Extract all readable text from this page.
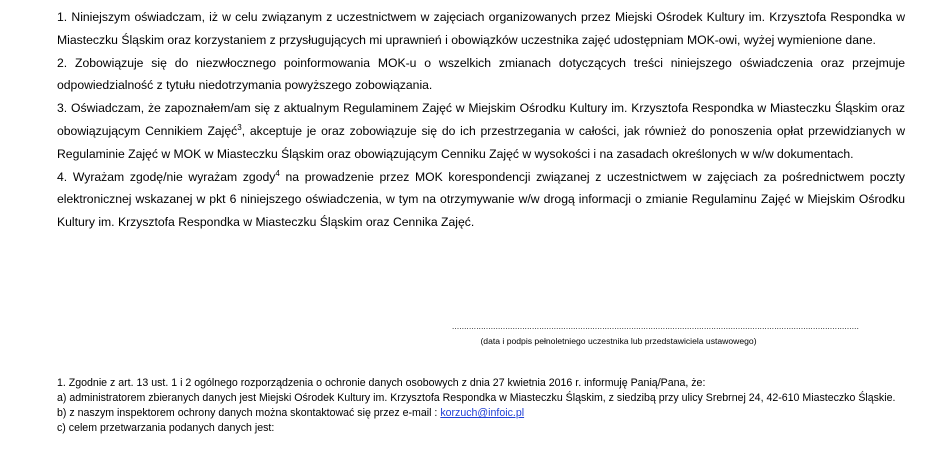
1. Niniejszym oświadczam, iż w celu związanym z uczestnictwem w zajęciach organizowanych przez Miejski Ośrodek Kultury im. Krzysztofa Respondka w Miasteczku Śląskim oraz korzystaniem z przysługujących mi uprawnień i obowiązków uczestnika zajęć udostępniam MOK-owi, wyżej wymienione dane.

2. Zobowiązuje się do niezwłocznego poinformowania MOK-u o wszelkich zmianach dotyczących treści niniejszego oświadczenia oraz przejmuje odpowiedzialność z tytułu niedotrzymania powyższego zobowiązania.

3. Oświadczam, że zapoznałem/am się z aktualnym Regulaminem Zajęć w Miejskim Ośrodku Kultury im. Krzysztofa Respondka w Miasteczku Śląskim oraz obowiązującym Cennikiem Zajęć$^3$, akceptuje je oraz zobowiązuje się do ich przestrzegania w całości, jak również do ponoszenia opłat przewidzianych w Regulaminie Zajęć w MOK w Miasteczku Śląskim oraz obowiązującym Cenniku Zajęć w wysokości i na zasadach określonych w w/w dokumentach.

4. Wyrażam zgodę/nie wyrażam zgody$^4$ na prowadzenie przez MOK korespondencji związanej z uczestnictwem w zajęciach za pośrednictwem poczty elektronicznej wskazanej w pkt 6 niniejszego oświadczenia, w tym na otrzymywanie w/w drogą informacji o zmianie Regulaminu Zajęć w Miejskim Ośrodku Kultury im. Krzysztofa Respondka w Miasteczku Śląskim oraz Cennika Zajęć.

........................................................................................................................................................................
(data i podpis pełnoletniego uczestnika lub przedstawiciela ustawowego)

1. Zgodnie z art. 13 ust. 1 i 2 ogólnego rozporządzenia o ochronie danych osobowych z dnia 27 kwietnia 2016 r. informuję Panią/Pana, że:

a) administratorem zbieranych danych jest Miejski Ośrodek Kultury im. Krzysztofa Respondka w Miasteczku Śląskim, z siedzibą przy ulicy Srebrnej 24, 42-610 Miasteczko Śląskie.

b) z naszym inspektorem ochrony danych można skontaktować się przez e-mail : korzuch@infoic.pl

c) celem przetwarzania podanych danych jest:
